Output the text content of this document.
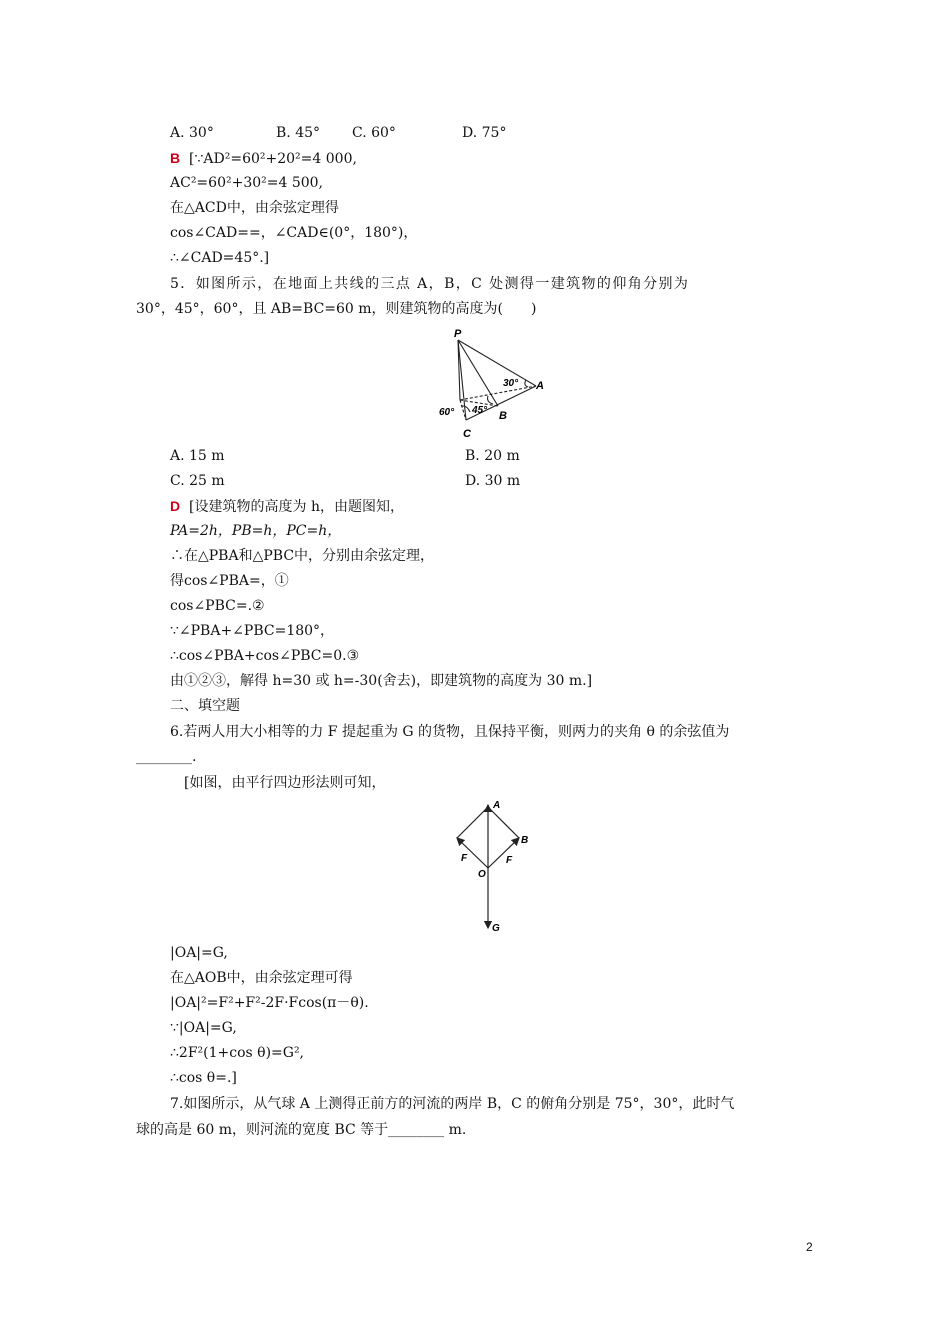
A. 30°	B. 45° C. 60°	D. 75°
B [∵AD²=60²+20²=4 000,
AC²=60²+30²=4 500,
在△ACD中，由余弦定理得
cos∠CAD==，∠CAD∈(0°，180°)，
∴∠CAD=45°.]
5．如图所示，在地面上共线的三点 A，B，C 处测得一建筑物的仰角分别为
30°，45°，60°，且 AB=BC=60 m，则建筑物的高度为(　　)
P
A
B
C
30°
45°
60°
A. 15 m	B. 20 m
C. 25 m	D. 30 m
D [设建筑物的高度为 h，由题图知，
PA=2h，PB=h，PC=h，
∴在△PBA和△PBC中，分别由余弦定理，
得cos∠PBA=，①
cos∠PBC=.②
∵∠PBA+∠PBC=180°，
∴cos∠PBA+cos∠PBC=0.③
由①②③，解得 h=30 或 h=-30(舍去)，即建筑物的高度为 30 m.]
二、填空题
6.若两人用大小相等的力 F 提起重为 G 的货物，且保持平衡，则两力的夹角 θ 的余弦值为
________.
[如图，由平行四边形法则可知，
A
B
O
F	F
G
|OA|=G,
在△AOB中，由余弦定理可得
|OA|²=F²+F²-2F·Fcos(π－θ).
∵|OA|=G,
∴2F²(1+cos θ)=G²,
∴cos θ=.]
7.如图所示，从气球 A 上测得正前方的河流的两岸 B，C 的俯角分别是 75°，30°，此时气
球的高是 60 m，则河流的宽度 BC 等于________ m.
2
